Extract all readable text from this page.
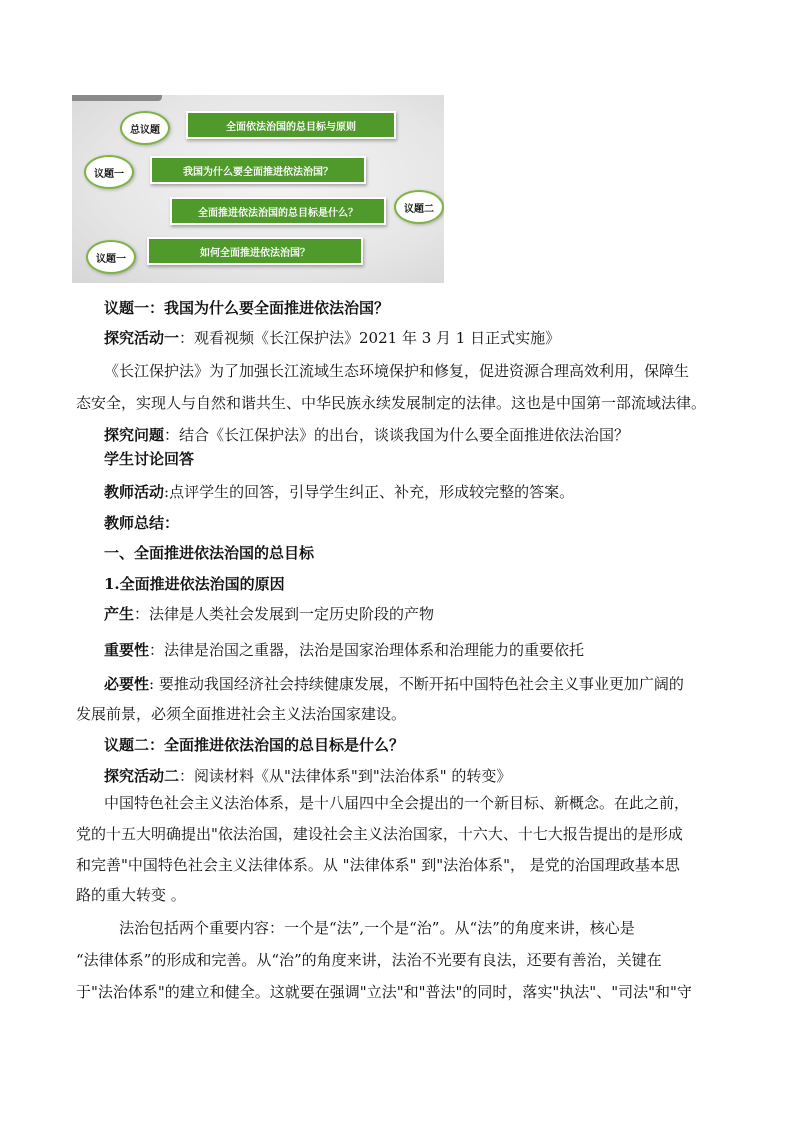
全面依法治国的总目标与原则
总议题
我国为什么要全面推进依法治国？
议题一
全面推进依法治国的总目标是什么？	议题二
如何全面推进依法治国？
议题一
议题一：我国为什么要全面推进依法治国？
探究活动一：观看视频《长江保护法》2021 年 3 月 1 日正式实施》
《长江保护法》为了加强长江流域生态环境保护和修复，促进资源合理高效利用，保障生
态安全，实现人与自然和谐共生、中华民族永续发展制定的法律。这也是中国第一部流域法律。
探究问题：结合《长江保护法》的出台，谈谈我国为什么要全面推进依法治国？
学生讨论回答
教师活动:点评学生的回答，引导学生纠正、补充，形成较完整的答案。
教师总结：
一、全面推进依法治国的总目标
1.全面推进依法治国的原因
产生：法律是人类社会发展到一定历史阶段的产物
重要性：法律是治国之重器，法治是国家治理体系和治理能力的重要依托
必要性: 要推动我国经济社会持续健康发展，不断开拓中国特色社会主义事业更加广阔的
发展前景，必须全面推进社会主义法治国家建设。
议题二：全面推进依法治国的总目标是什么？
探究活动二：阅读材料《从"法律体系"到"法治体系" 的转变》
中国特色社会主义法治体系，是十八届四中全会提出的一个新目标、新概念。在此之前，
党的十五大明确提出"依法治国，建设社会主义法治国家，十六大、十七大报告提出的是形成
和完善"中国特色社会主义法律体系。从 "法律体系" 到"法治体系"， 是党的治国理政基本思
路的重大转变 。
法治包括两个重要内容：一个是“法”,一个是“治”。从“法”的角度来讲，核心是
“法律体系”的形成和完善。从“治”的角度来讲，法治不光要有良法，还要有善治，关键在
于"法治体系"的建立和健全。这就要在强调"立法"和"普法"的同时，落实"执法"、"司法"和"守
